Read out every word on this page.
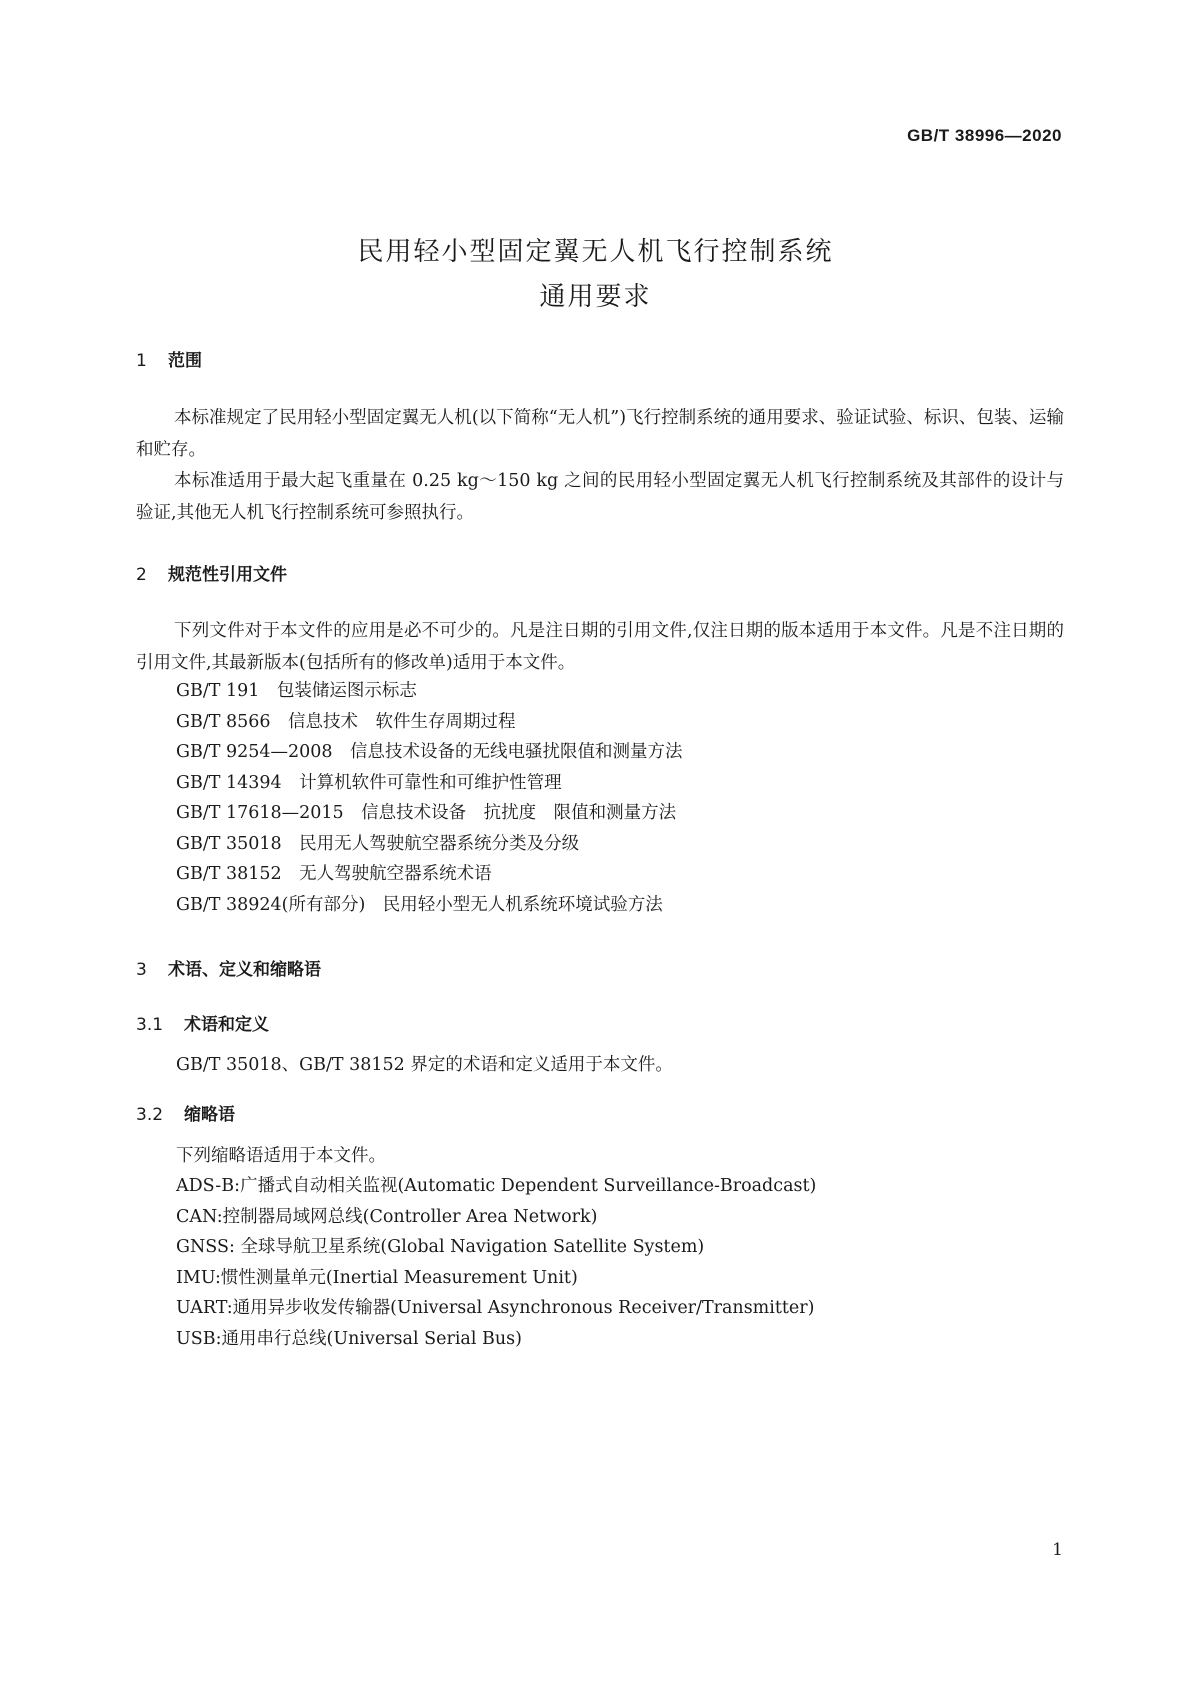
GB/T 38996—2020
民用轻小型固定翼无人机飞行控制系统
通用要求
1 范围
本标准规定了民用轻小型固定翼无人机(以下简称“无人机”)飞行控制系统的通用要求、验证试验、标识、包装、运输和贮存。
本标准适用于最大起飞重量在 0.25 kg～150 kg 之间的民用轻小型固定翼无人机飞行控制系统及其部件的设计与验证,其他无人机飞行控制系统可参照执行。
2 规范性引用文件
下列文件对于本文件的应用是必不可少的。凡是注日期的引用文件,仅注日期的版本适用于本文件。凡是不注日期的引用文件,其最新版本(包括所有的修改单)适用于本文件。
GB/T 191　包装储运图示标志
GB/T 8566　信息技术　软件生存周期过程
GB/T 9254—2008　信息技术设备的无线电骚扰限值和测量方法
GB/T 14394　计算机软件可靠性和可维护性管理
GB/T 17618—2015　信息技术设备　抗扰度　限值和测量方法
GB/T 35018　民用无人驾驶航空器系统分类及分级
GB/T 38152　无人驾驶航空器系统术语
GB/T 38924(所有部分)　民用轻小型无人机系统环境试验方法
3 术语、定义和缩略语
3.1 术语和定义
GB/T 35018、GB/T 38152 界定的术语和定义适用于本文件。
3.2 缩略语
下列缩略语适用于本文件。
ADS-B:广播式自动相关监视(Automatic Dependent Surveillance-Broadcast)
CAN:控制器局域网总线(Controller Area Network)
GNSS: 全球导航卫星系统(Global Navigation Satellite System)
IMU:惯性测量单元(Inertial Measurement Unit)
UART:通用异步收发传输器(Universal Asynchronous Receiver/Transmitter)
USB:通用串行总线(Universal Serial Bus)
1
